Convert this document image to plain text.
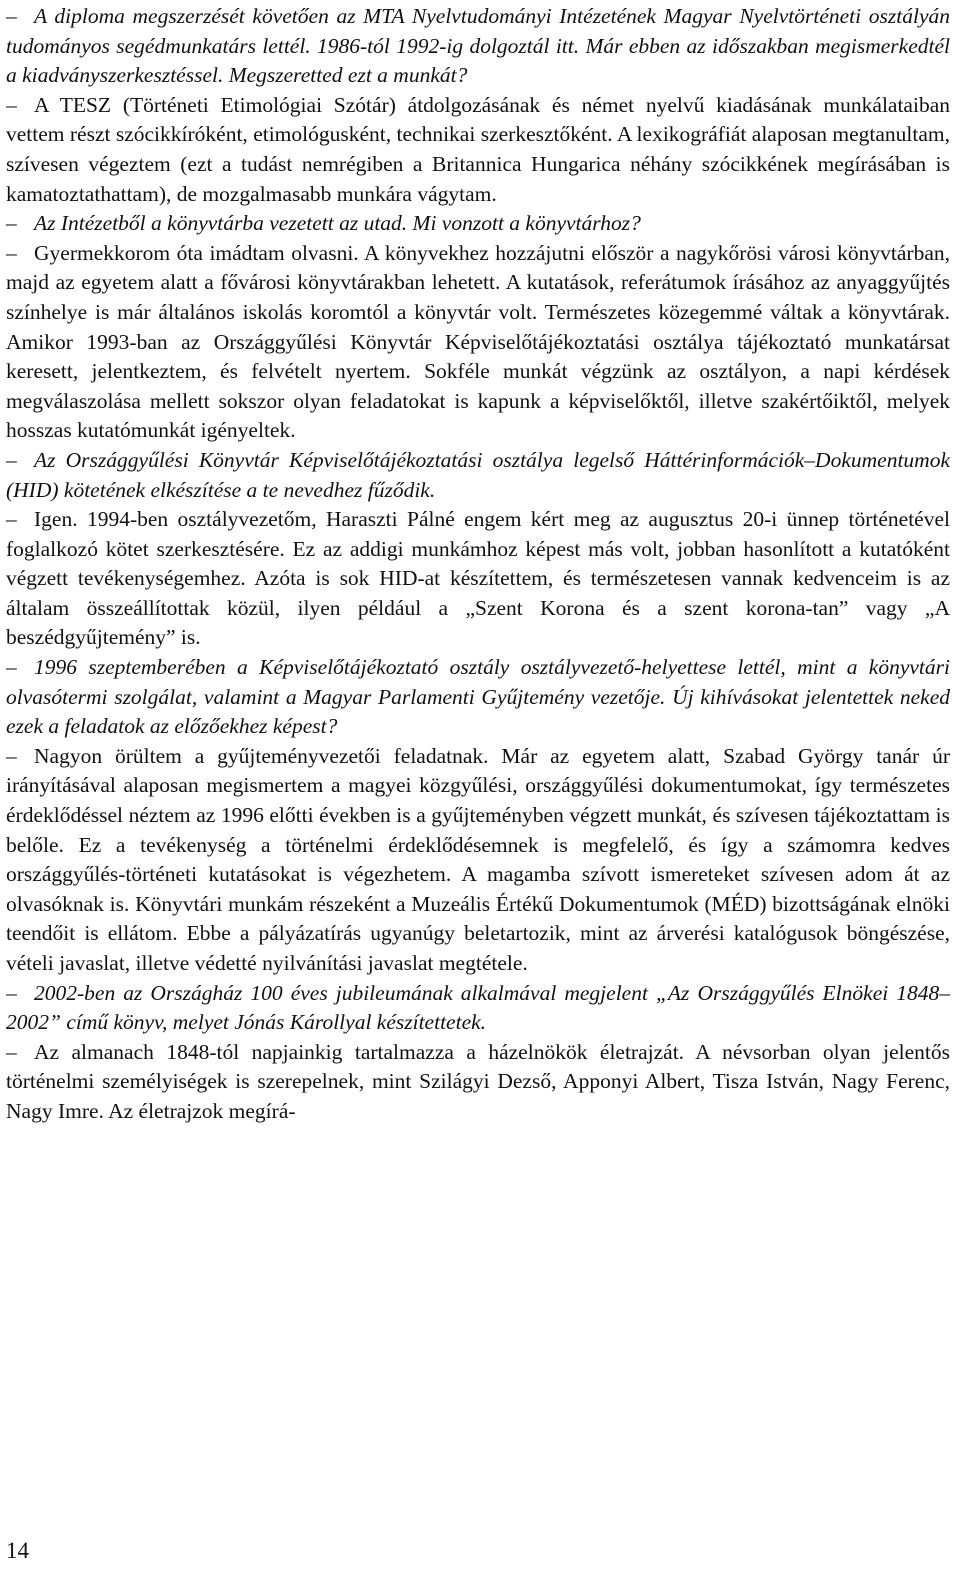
– A diploma megszerzését követően az MTA Nyelvtudományi Intézetének Magyar Nyelvtörténeti osztályán tudományos segédmunkatárs lettél. 1986-tól 1992-ig dolgoztál itt. Már ebben az időszakban megismerkedtél a kiadványszerkesztéssel. Megszeretted ezt a munkát?

– A TESZ (Történeti Etimológiai Szótár) átdolgozásának és német nyelvű kiadásának munkálataiban vettem részt szócikkíróként, etimológusként, technikai szerkesztőként. A lexikográfiát alaposan megtanultam, szívesen végeztem (ezt a tudást nemrégiben a Britannica Hungarica néhány szócikkének megírásában is kamatoztathattam), de mozgalmasabb munkára vágytam.

– Az Intézetből a könyvtárba vezetett az utad. Mi vonzott a könyvtárhoz?

– Gyermekkorom óta imádtam olvasni. A könyvekhez hozzájutni először a nagykőrösi városi könyvtárban, majd az egyetem alatt a fővárosi könyvtárakban lehetett. A kutatások, referátumok írásához az anyaggyűjtés színhelye is már általános iskolás koromtól a könyvtár volt. Természetes közegemmé váltak a könyvtárak. Amikor 1993-ban az Országgyűlési Könyvtár Képviselőtájékoztatási osztálya tájékoztató munkatársat keresett, jelentkeztem, és felvételt nyertem. Sokféle munkát végzünk az osztályon, a napi kérdések megválaszolása mellett sokszor olyan feladatokat is kapunk a képviselőktől, illetve szakértőiktől, melyek hosszas kutatómunkát igényeltek.

– Az Országgyűlési Könyvtár Képviselőtájékoztatási osztálya legelső Háttérinformációk–Dokumentumok (HID) kötetének elkészítése a te nevedhez fűződik.

– Igen. 1994-ben osztályvezetőm, Haraszti Pálné engem kért meg az augusztus 20-i ünnep történetével foglalkozó kötet szerkesztésére. Ez az addigi munkámhoz képest más volt, jobban hasonlított a kutatóként végzett tevékenységemhez. Azóta is sok HID-at készítettem, és természetesen vannak kedvenceim is az általam összeállítottak közül, ilyen például a „Szent Korona és a szent korona-tan” vagy „A beszédgyűjtemény” is.

– 1996 szeptemberében a Képviselőtájékoztató osztály osztályvezető-helyettese lettél, mint a könyvtári olvasótermi szolgálat, valamint a Magyar Parlamenti Gyűjtemény vezetője. Új kihívásokat jelentettek neked ezek a feladatok az előzőekhez képest?

– Nagyon örültem a gyűjteményvezetői feladatnak. Már az egyetem alatt, Szabad György tanár úr irányításával alaposan megismertem a magyei közgyűlési, országgyűlési dokumentumokat, így természetes érdeklődéssel néztem az 1996 előtti években is a gyűjteményben végzett munkát, és szívesen tájékoztattam is belőle. Ez a tevékenység a történelmi érdeklődésemnek is megfelelő, és így a számomra kedves országgyűlés-történeti kutatásokat is végezhetem. A magamba szívott ismereteket szívesen adom át az olvasóknak is. Könyvtári munkám részeként a Muzeális Értékű Dokumentumok (MÉD) bizottságának elnöki teendőit is ellátom. Ebbe a pályázatírás ugyanúgy beletartozik, mint az árverési katalógusok böngészése, vételi javaslat, illetve védetté nyilvánítási javaslat megtétele.

– 2002-ben az Országház 100 éves jubileumának alkalmával megjelent „Az Országgyűlés Elnökei 1848–2002” című könyv, melyet Jónás Károllyal készítettetek.

– Az almanach 1848-tól napjainkig tartalmazza a házelnökök életrajzát. A névsorban olyan jelentős történelmi személyiségek is szerepelnek, mint Szilágyi Dezső, Apponyi Albert, Tisza István, Nagy Ferenc, Nagy Imre. Az életrajzok megírá-

14
